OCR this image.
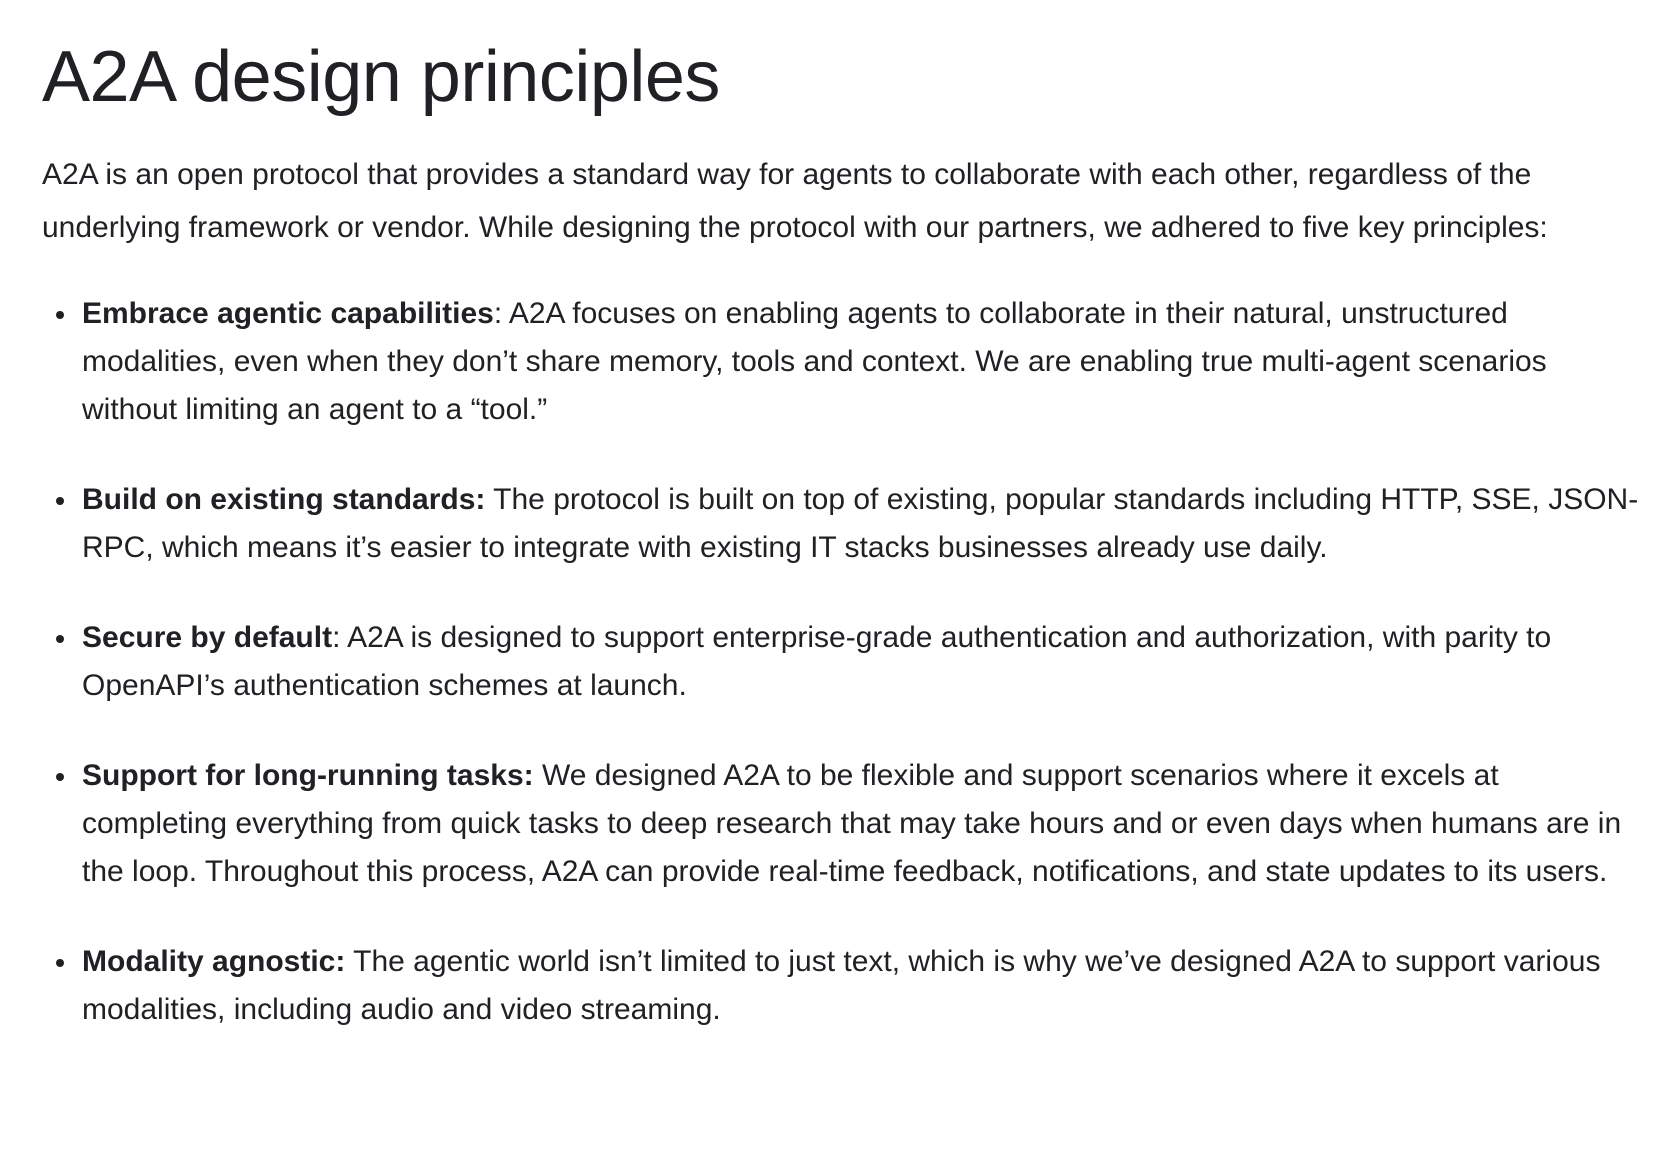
A2A design principles

A2A is an open protocol that provides a standard way for agents to collaborate with each other, regardless of the underlying framework or vendor. While designing the protocol with our partners, we adhered to five key principles:

Embrace agentic capabilities: A2A focuses on enabling agents to collaborate in their natural, unstructured modalities, even when they don’t share memory, tools and context. We are enabling true multi-agent scenarios without limiting an agent to a “tool.”
Build on existing standards: The protocol is built on top of existing, popular standards including HTTP, SSE, JSON-RPC, which means it’s easier to integrate with existing IT stacks businesses already use daily.
Secure by default: A2A is designed to support enterprise-grade authentication and authorization, with parity to OpenAPI’s authentication schemes at launch.
Support for long-running tasks: We designed A2A to be flexible and support scenarios where it excels at completing everything from quick tasks to deep research that may take hours and or even days when humans are in the loop. Throughout this process, A2A can provide real-time feedback, notifications, and state updates to its users.
Modality agnostic: The agentic world isn’t limited to just text, which is why we’ve designed A2A to support various modalities, including audio and video streaming.
